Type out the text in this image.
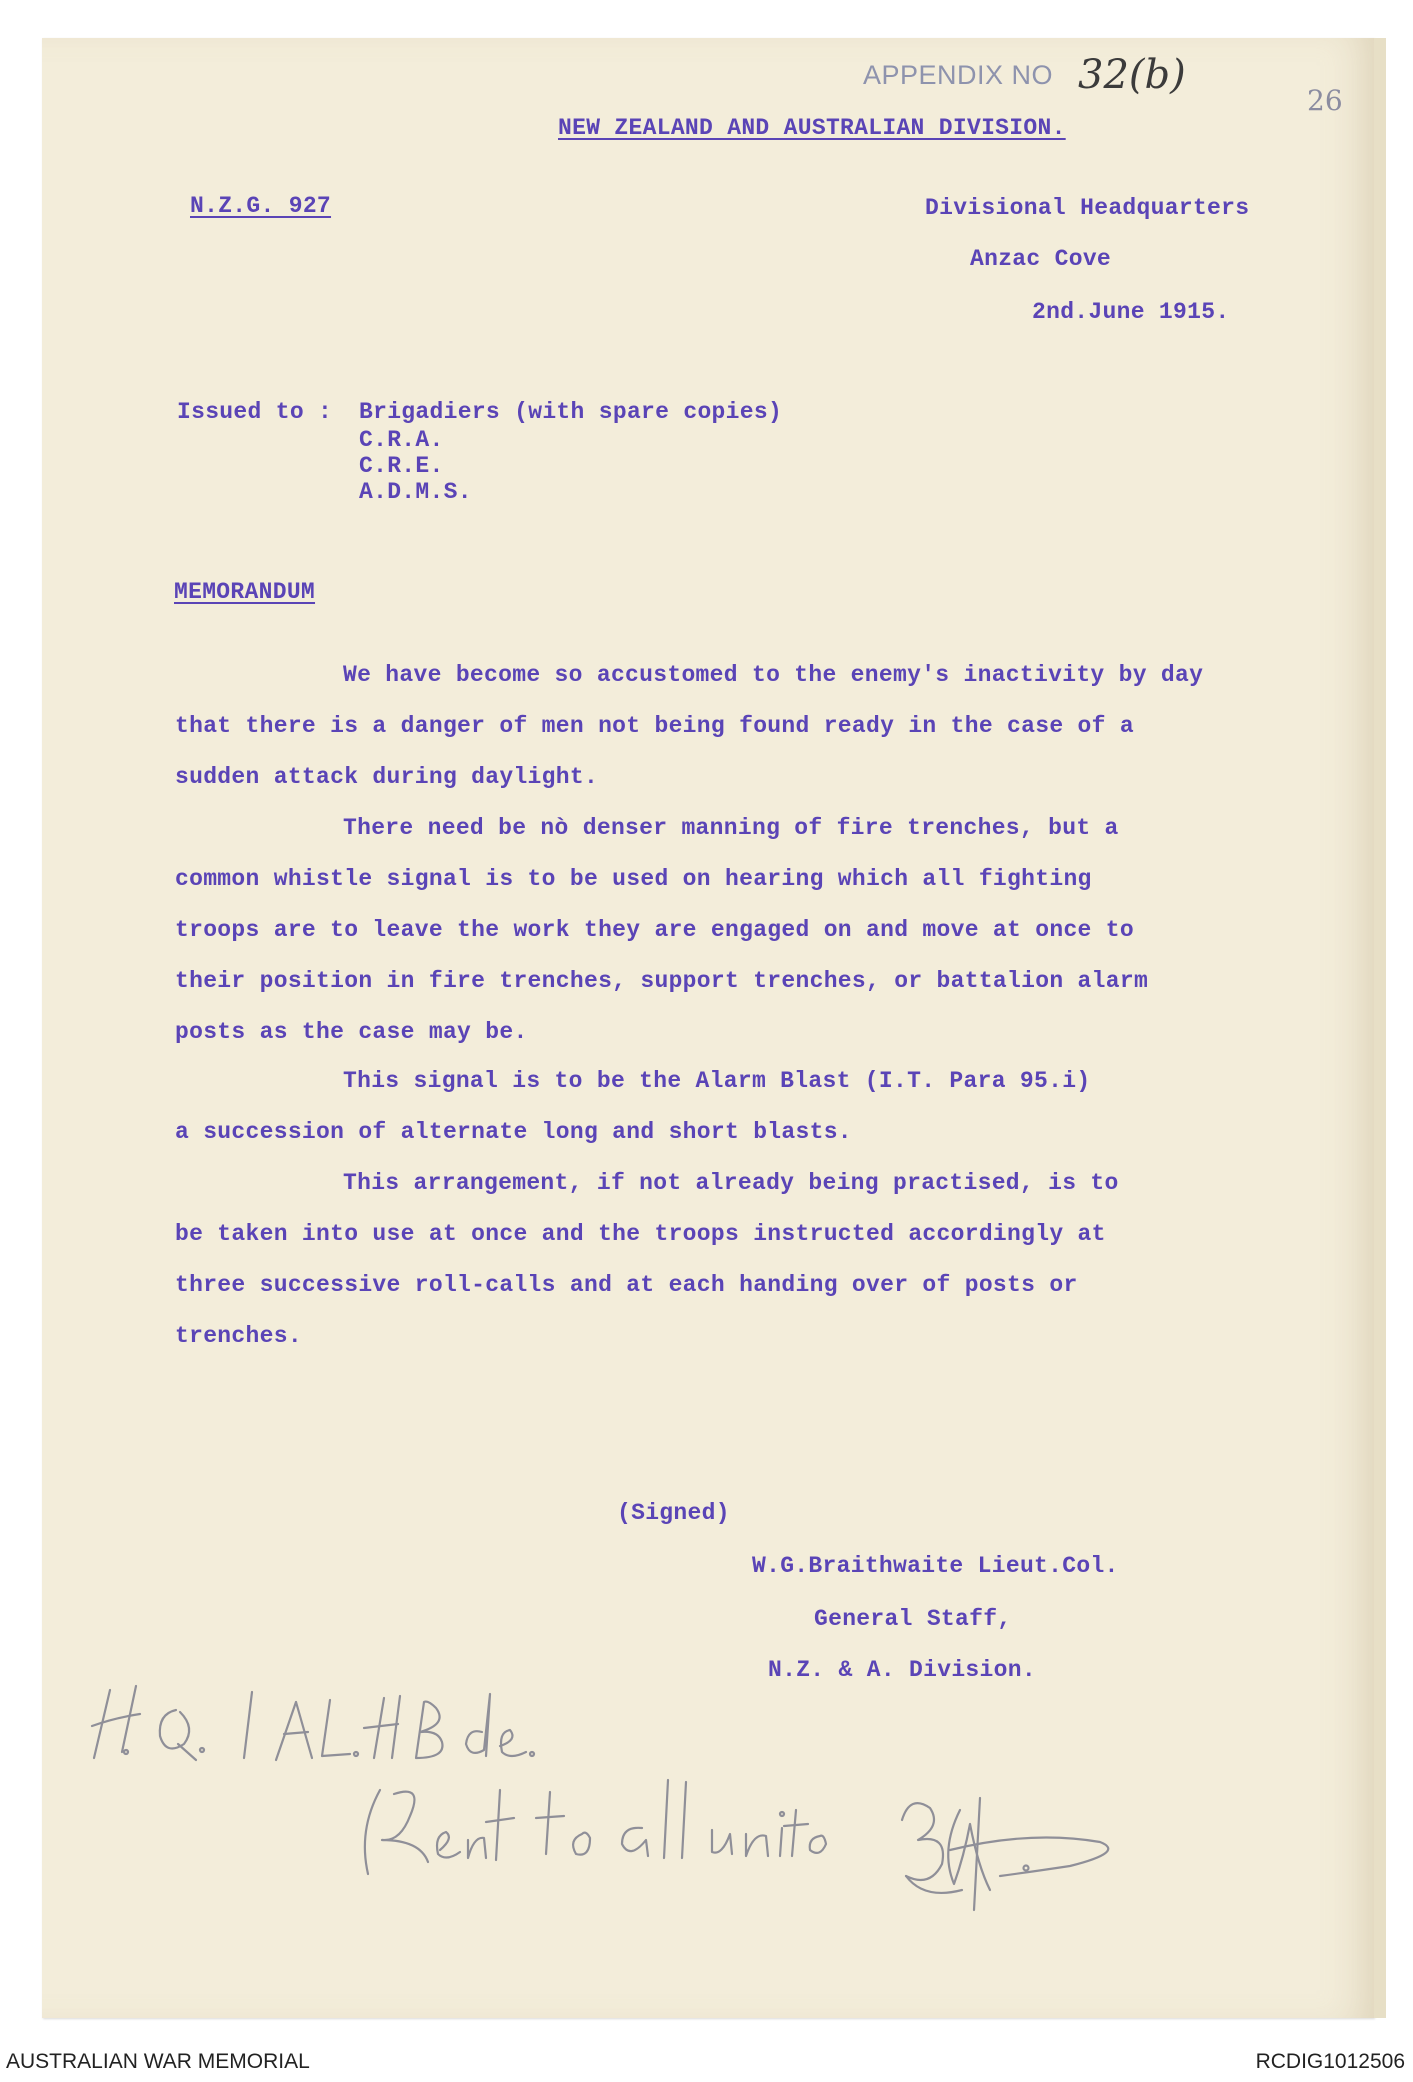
APPENDIX NO 32(b)
26
NEW ZEALAND AND AUSTRALIAN DIVISION.
N.Z.G. 927	Divisional Headquarters
Anzac Cove
2nd.June 1915.
Issued to : Brigadiers (with spare copies)
C.R.A.
C.R.E.
A.D.M.S.
MEMORANDUM
We have become so accustomed to the enemy's inactivity by day
that there is a danger of men not being found ready in the case of a
sudden attack during daylight.
There need be nò denser manning of fire trenches, but a
common whistle signal is to be used on hearing which all fighting
troops are to leave the work they are engaged on and move at once to
their position in fire trenches, support trenches, or battalion alarm
posts as the case may be.
This signal is to be the Alarm Blast (I.T. Para 95.i)
a succession of alternate long and short blasts.
This arrangement, if not already being practised, is to
be taken into use at once and the troops instructed accordingly at
three successive roll-calls and at each handing over of posts or
trenches.
(Signed)
W.G.Braithwaite Lieut.Col.
General Staff,
N.Z. & A. Division.
AUSTRALIAN WAR MEMORIAL	RCDIG1012506
